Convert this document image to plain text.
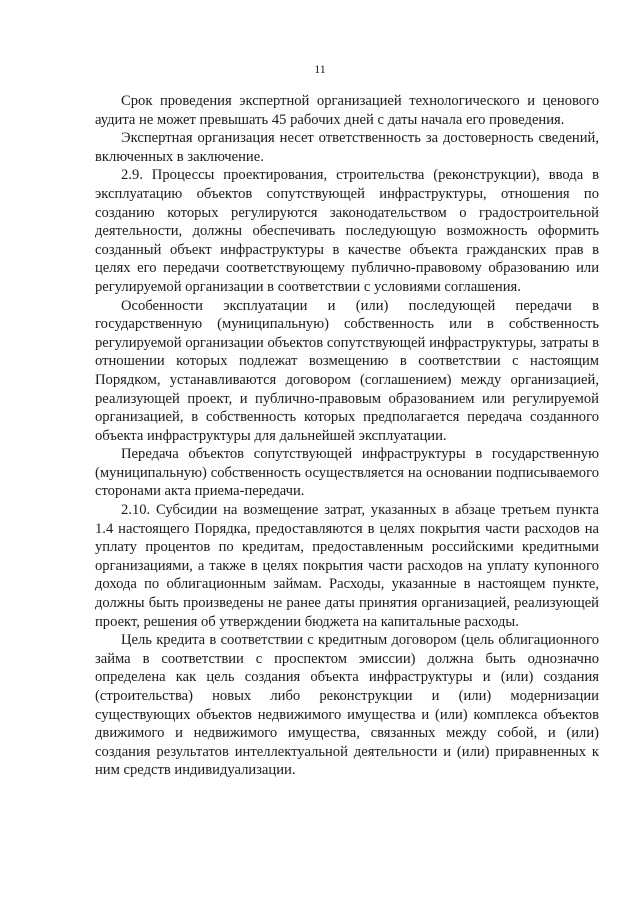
11

Срок проведения экспертной организацией технологического и ценового аудита не может превышать 45 рабочих дней с даты начала его проведения.

Экспертная организация несет ответственность за достоверность сведений, включенных в заключение.

2.9. Процессы проектирования, строительства (реконструкции), ввода в эксплуатацию объектов сопутствующей инфраструктуры, отношения по созданию которых регулируются законодательством о градостроительной деятельности, должны обеспечивать последующую возможность оформить созданный объект инфраструктуры в качестве объекта гражданских прав в целях его передачи соответствующему публично-правовому образованию или регулируемой организации в соответствии с условиями соглашения.

Особенности эксплуатации и (или) последующей передачи в государственную (муниципальную) собственность или в собственность регулируемой организации объектов сопутствующей инфраструктуры, затраты в отношении которых подлежат возмещению в соответствии с настоящим Порядком, устанавливаются договором (соглашением) между организацией, реализующей проект, и публично-правовым образованием или регулируемой организацией, в собственность которых предполагается передача созданного объекта инфраструктуры для дальнейшей эксплуатации.

Передача объектов сопутствующей инфраструктуры в государственную (муниципальную) собственность осуществляется на основании подписываемого сторонами акта приема-передачи.

2.10. Субсидии на возмещение затрат, указанных в абзаце третьем пункта 1.4 настоящего Порядка, предоставляются в целях покрытия части расходов на уплату процентов по кредитам, предоставленным российскими кредитными организациями, а также в целях покрытия части расходов на уплату купонного дохода по облигационным займам. Расходы, указанные в настоящем пункте, должны быть произведены не ранее даты принятия организацией, реализующей проект, решения об утверждении бюджета на капитальные расходы.

Цель кредита в соответствии с кредитным договором (цель облигационного займа в соответствии с проспектом эмиссии) должна быть однозначно определена как цель создания объекта инфраструктуры и (или) создания (строительства) новых либо реконструкции и (или) модернизации существующих объектов недвижимого имущества и (или) комплекса объектов движимого и недвижимого имущества, связанных между собой, и (или) создания результатов интеллектуальной деятельности и (или) приравненных к ним средств индивидуализации.
